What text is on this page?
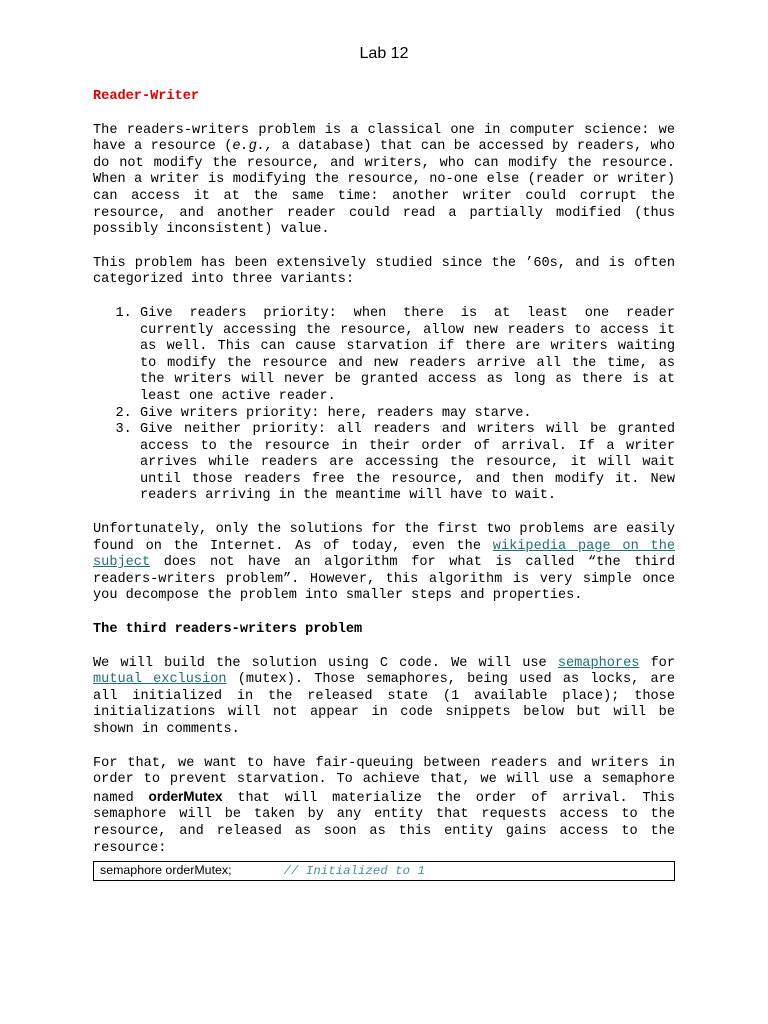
Lab 12
Reader-Writer

The readers-writers problem is a classical one in computer science: we have a resource (e.g., a database) that can be accessed by readers, who do not modify the resource, and writers, who can modify the resource. When a writer is modifying the resource, no-one else (reader or writer) can access it at the same time: another writer could corrupt the resource, and another reader could read a partially modified (thus possibly inconsistent) value.

This problem has been extensively studied since the ’60s, and is often categorized into three variants:

1. Give readers priority: when there is at least one reader currently accessing the resource, allow new readers to access it as well. This can cause starvation if there are writers waiting to modify the resource and new readers arrive all the time, as the writers will never be granted access as long as there is at least one active reader.
2. Give writers priority: here, readers may starve.
3. Give neither priority: all readers and writers will be granted access to the resource in their order of arrival. If a writer arrives while readers are accessing the resource, it will wait until those readers free the resource, and then modify it. New readers arriving in the meantime will have to wait.

Unfortunately, only the solutions for the first two problems are easily found on the Internet. As of today, even the wikipedia page on the subject does not have an algorithm for what is called “the third readers-writers problem”. However, this algorithm is very simple once you decompose the problem into smaller steps and properties.

The third readers-writers problem

We will build the solution using C code. We will use semaphores for mutual exclusion (mutex). Those semaphores, being used as locks, are all initialized in the released state (1 available place); those initializations will not appear in code snippets below but will be shown in comments.

For that, we want to have fair-queuing between readers and writers in order to prevent starvation. To achieve that, we will use a semaphore named orderMutex that will materialize the order of arrival. This semaphore will be taken by any entity that requests access to the resource, and released as soon as this entity gains access to the resource:

semaphore orderMutex;	// Initialized to 1
